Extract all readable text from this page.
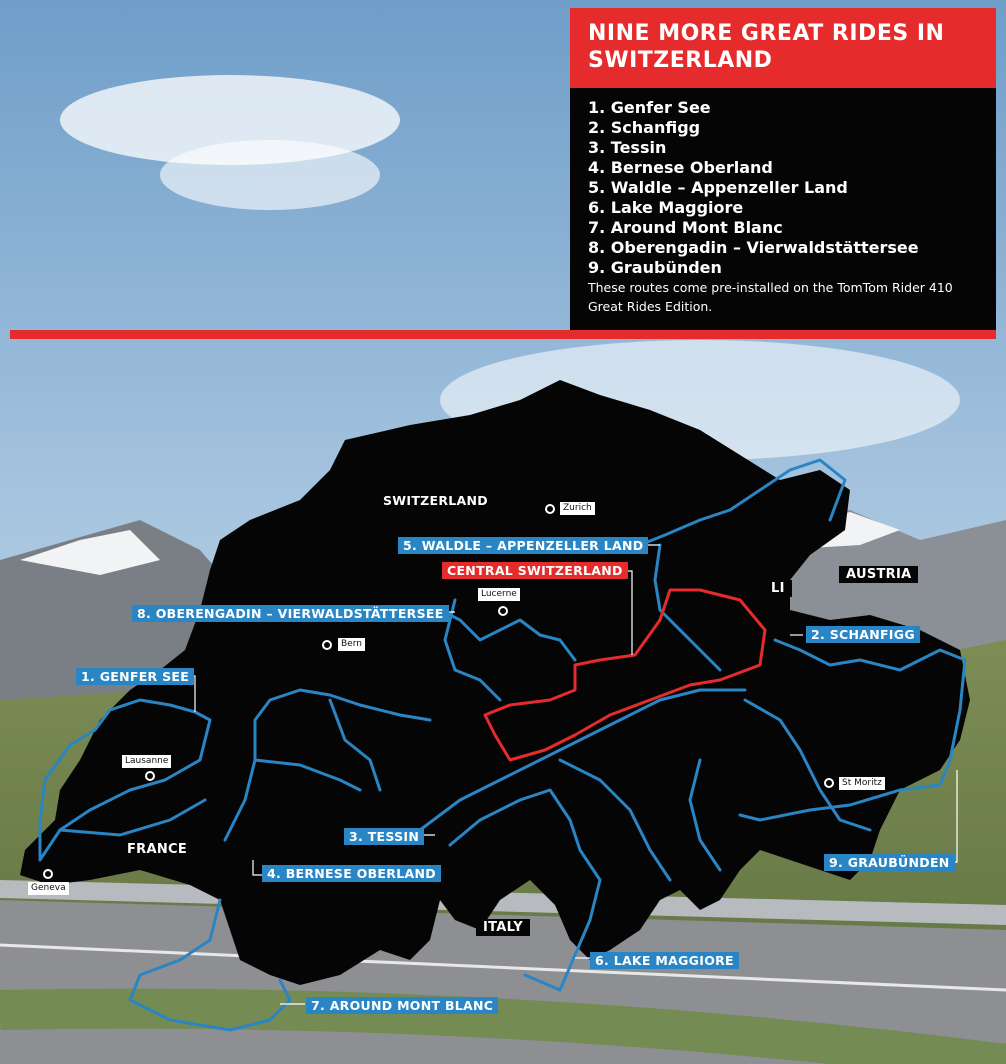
NINE MORE GREAT RIDES IN SWITZERLAND
1. Genfer See
2. Schanfigg
3. Tessin
4. Bernese Oberland
5. Waldle – Appenzeller Land
6. Lake Maggiore
7. Around Mont Blanc
8. Oberengadin – Vierwaldstättersee
9. Graubünden

These routes come pre-installed on the TomTom Rider 410 Great Rides Edition.

SWITZERLAND
AUSTRIA
LI
FRANCE
ITALY
1. GENFER SEE
2. SCHANFIGG
3. TESSIN
4. BERNESE OBERLAND
5. WALDLE – APPENZELLER LAND
6. LAKE MAGGIORE
7. AROUND MONT BLANC
8. OBERENGADIN – VIERWALDSTÄTTERSEE
9. GRAUBÜNDEN
CENTRAL SWITZERLAND
Zurich
Lucerne
Bern
Lausanne
Geneva
St Moritz
